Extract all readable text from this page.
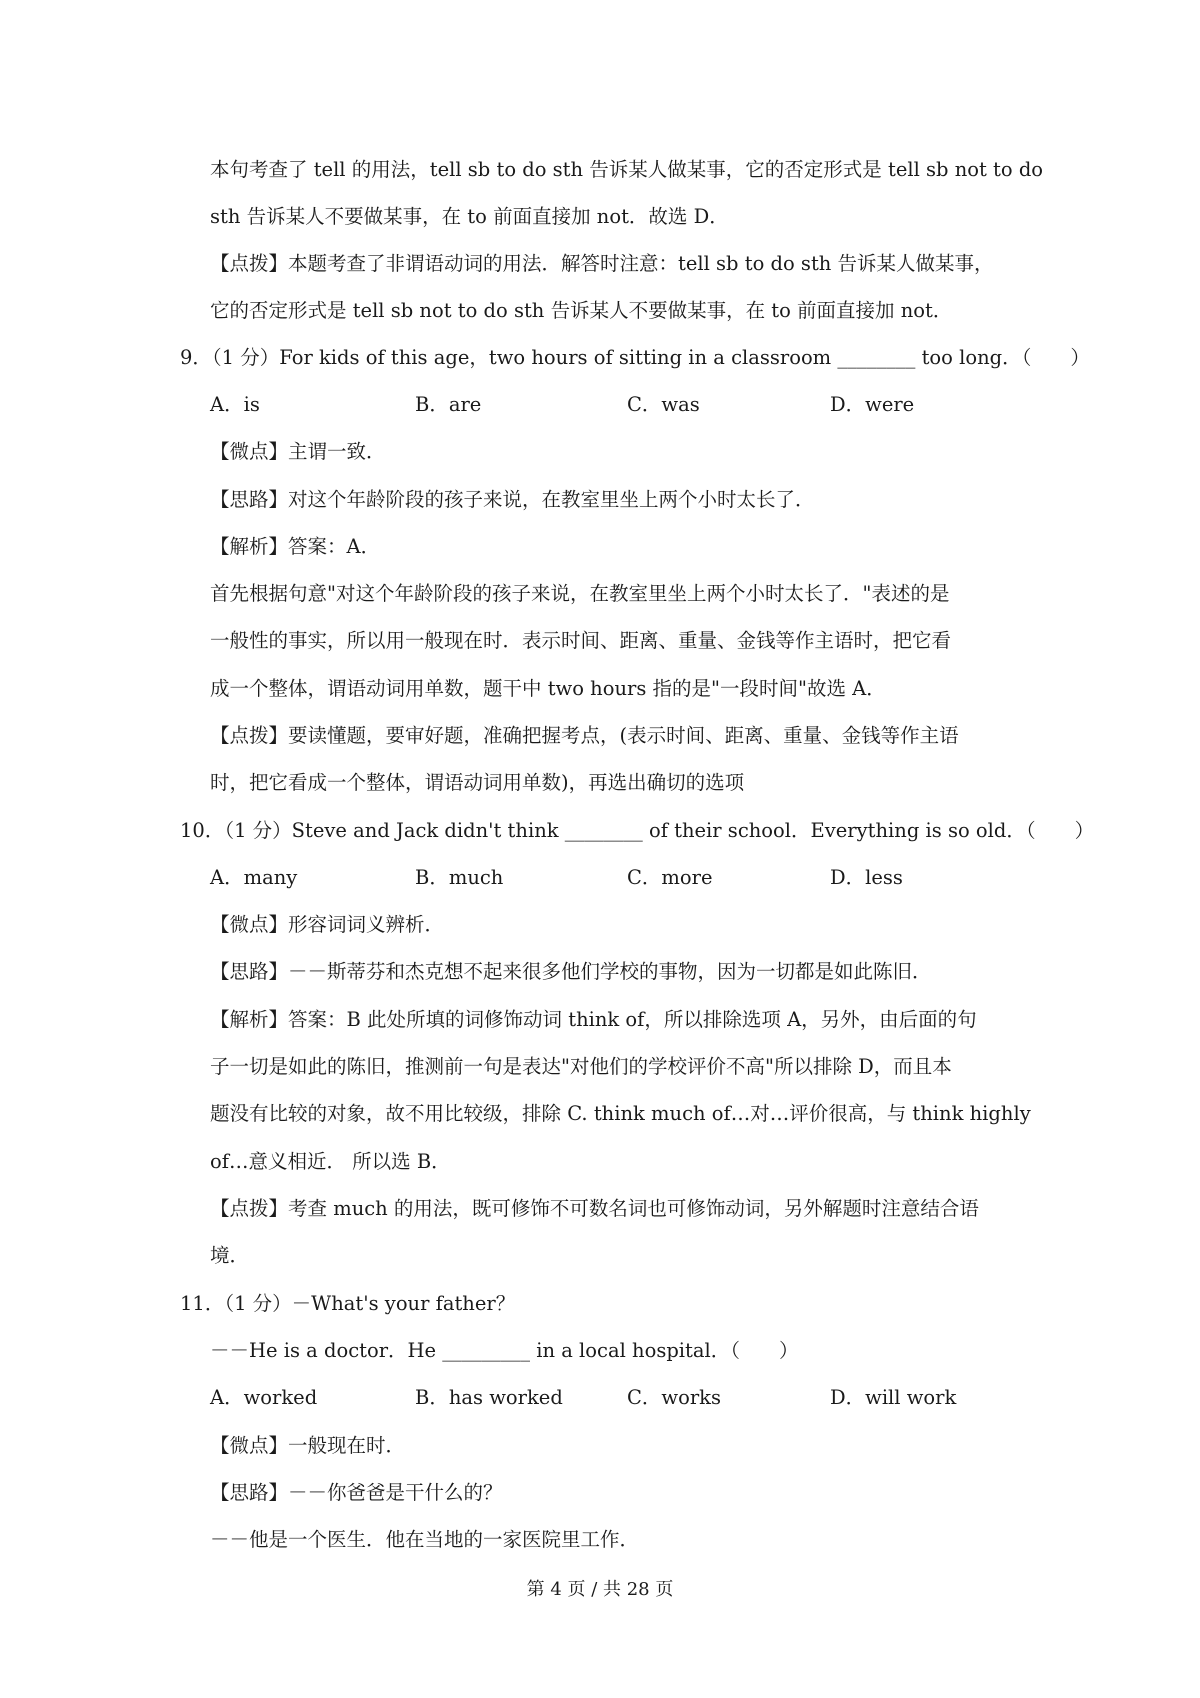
本句考查了 tell 的用法，tell sb to do sth 告诉某人做某事，它的否定形式是 tell sb not to do
sth 告诉某人不要做某事，在 to 前面直接加 not．故选 D．
【点拨】本题考查了非谓语动词的用法．解答时注意：tell sb to do sth 告诉某人做某事，
它的否定形式是 tell sb not to do sth 告诉某人不要做某事，在 to 前面直接加 not．
9．（1 分）For kids of this age，two hours of sitting in a classroom ________ too long．（　　）
A．is	B．are	C．was	D．were
【微点】主谓一致．
【思路】对这个年龄阶段的孩子来说，在教室里坐上两个小时太长了．
【解析】答案：A．
首先根据句意"对这个年龄阶段的孩子来说，在教室里坐上两个小时太长了．"表述的是
一般性的事实，所以用一般现在时．表示时间、距离、重量、金钱等作主语时，把它看
成一个整体，谓语动词用单数，题干中 two hours 指的是"一段时间"故选 A．
【点拨】要读懂题，要审好题，准确把握考点，(表示时间、距离、重量、金钱等作主语
时，把它看成一个整体，谓语动词用单数)，再选出确切的选项
10．（1 分）Steve and Jack didn't think ________ of their school．Everything is so old．（　　）
A．many	B．much	C．more	D．less
【微点】形容词词义辨析．
【思路】－－斯蒂芬和杰克想不起来很多他们学校的事物，因为一切都是如此陈旧．
【解析】答案：B 此处所填的词修饰动词 think of，所以排除选项 A，另外，由后面的句
子一切是如此的陈旧，推测前一句是表达"对他们的学校评价不高"所以排除 D，而且本
题没有比较的对象，故不用比较级，排除 C. think much of…对…评价很高，与 think highly
of…意义相近． 所以选 B．
【点拨】考查 much 的用法，既可修饰不可数名词也可修饰动词，另外解题时注意结合语
境．
11．（1 分）－What's your father？
－－He is a doctor．He _________ in a local hospital．（　　）
A．worked	B．has worked	C．works	D．will work
【微点】一般现在时．
【思路】－－你爸爸是干什么的？
－－他是一个医生．他在当地的一家医院里工作．
第 4 页 / 共 28 页
